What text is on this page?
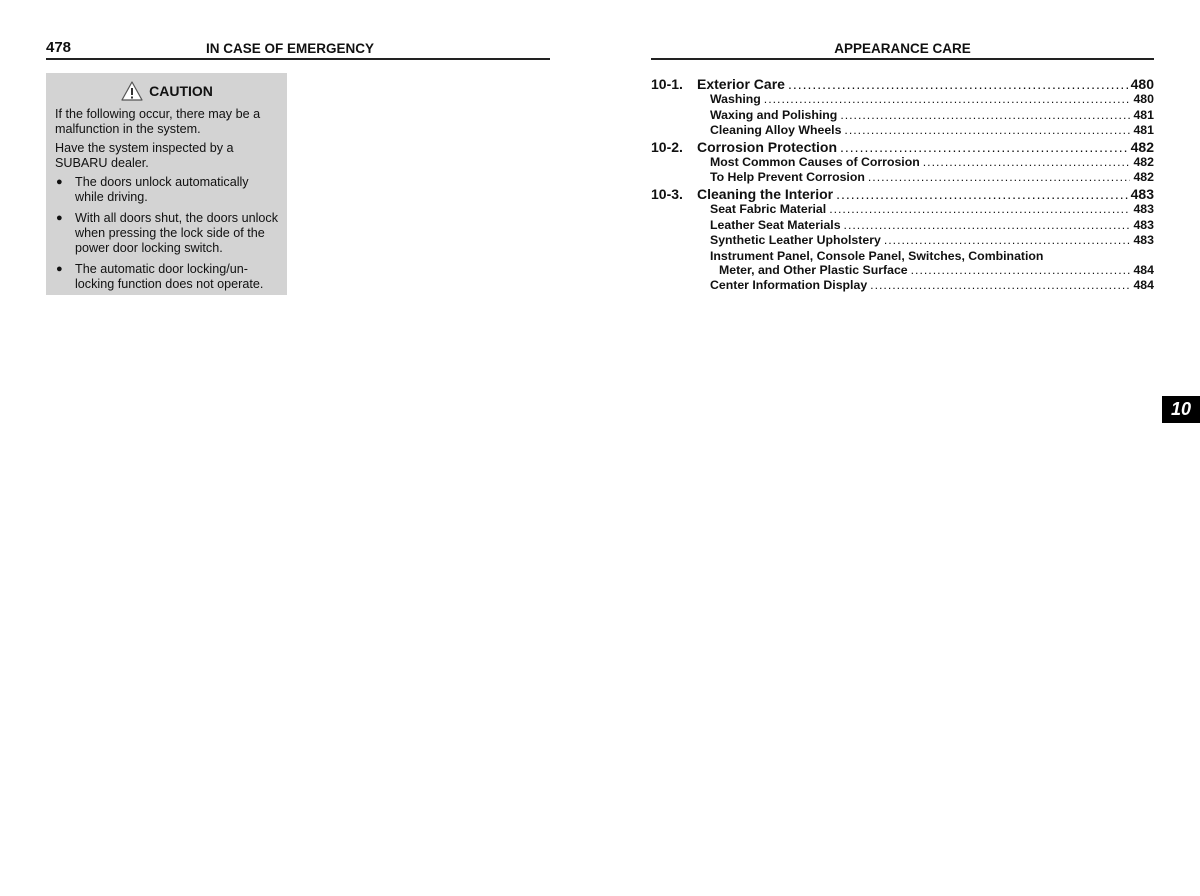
478	IN CASE OF EMERGENCY
CAUTION

If the following occur, there may be a malfunction in the system.

Have the system inspected by a SUBARU dealer.

● The doors unlock automatically while driving.
● With all doors shut, the doors unlock when pressing the lock side of the power door locking switch.
● The automatic door locking/un-locking function does not operate.
APPEARANCE CARE
10-1.	Exterior Care .....	480
Washing .....	480
Waxing and Polishing .....	481
Cleaning Alloy Wheels .....	481
10-2.	Corrosion Protection .....	482
Most Common Causes of Corrosion .....	482
To Help Prevent Corrosion .....	482
10-3.	Cleaning the Interior .....	483
Seat Fabric Material .....	483
Leather Seat Materials .....	483
Synthetic Leather Upholstery .....	483
Instrument Panel, Console Panel, Switches, Combination
Meter, and Other Plastic Surface .....	484
Center Information Display .....	484
10
